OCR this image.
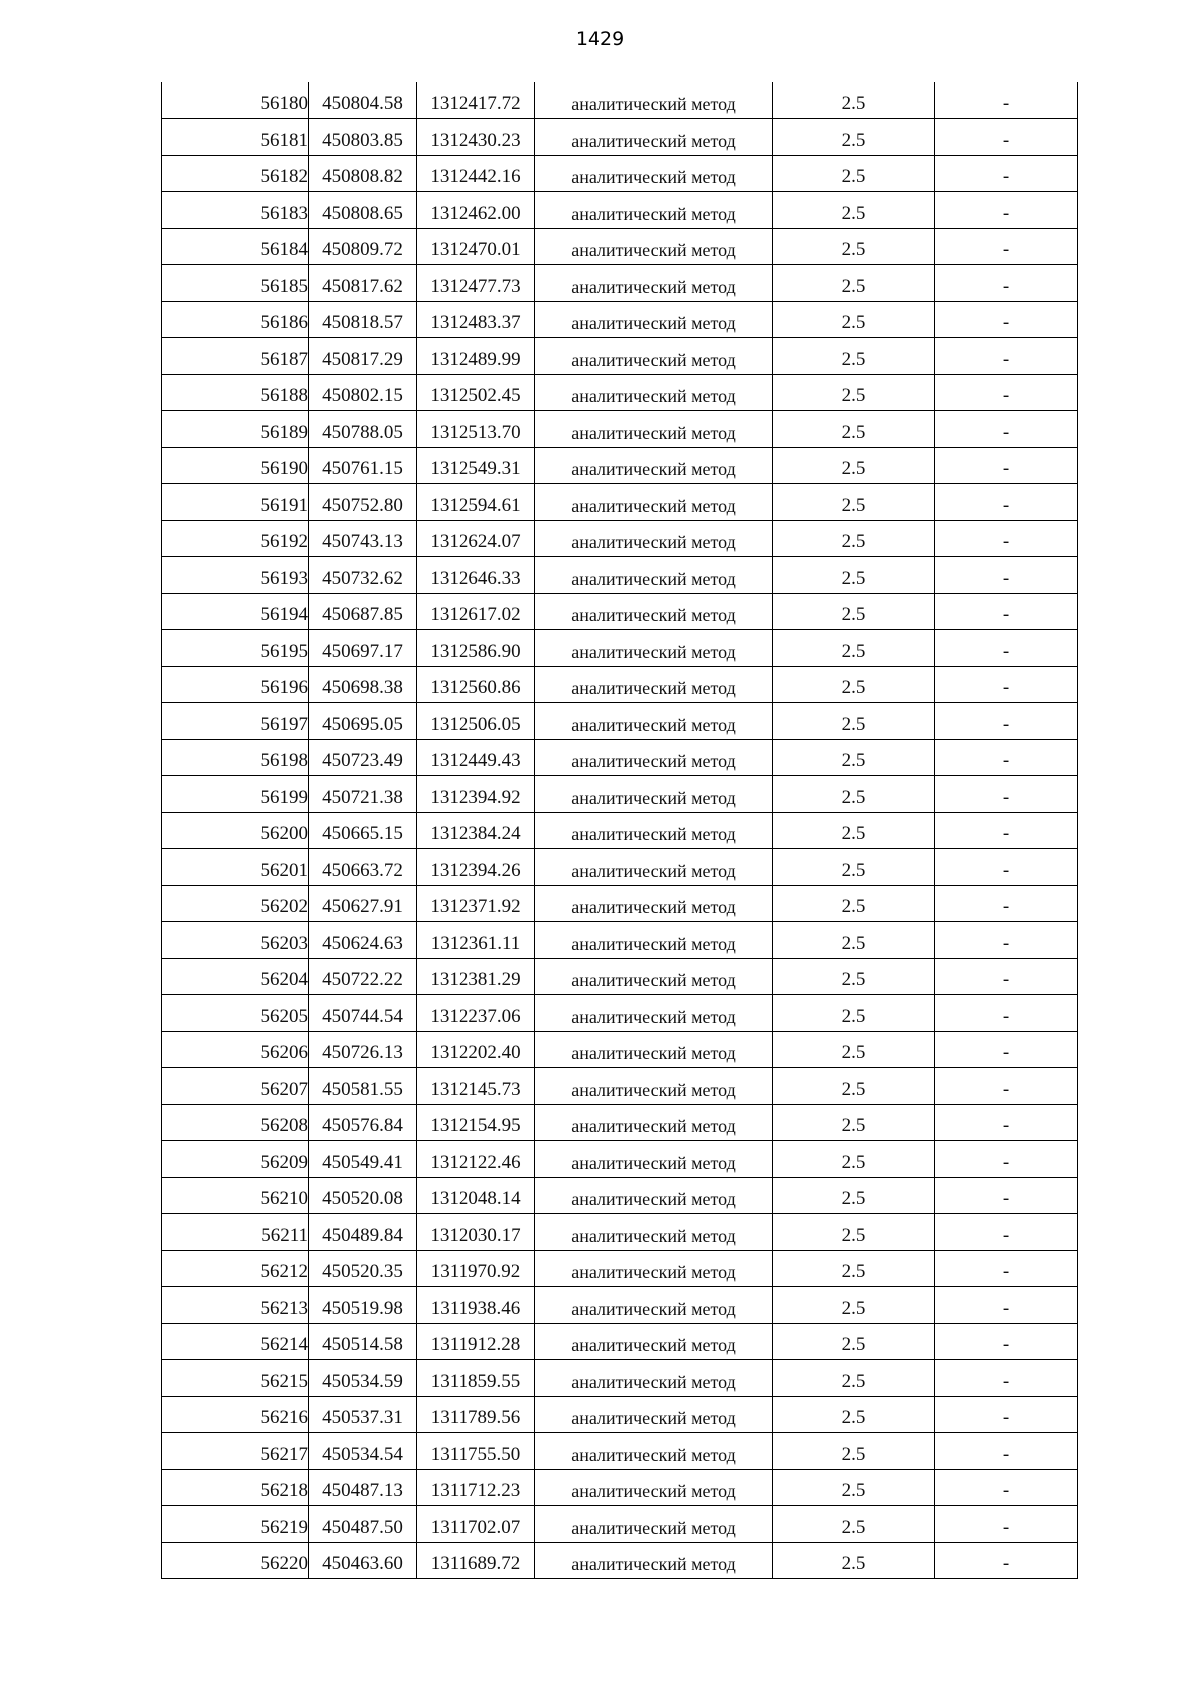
1429
56180	450804.58	1312417.72	аналитический метод	2.5	-
56181	450803.85	1312430.23	аналитический метод	2.5	-
56182	450808.82	1312442.16	аналитический метод	2.5	-
56183	450808.65	1312462.00	аналитический метод	2.5	-
56184	450809.72	1312470.01	аналитический метод	2.5	-
56185	450817.62	1312477.73	аналитический метод	2.5	-
56186	450818.57	1312483.37	аналитический метод	2.5	-
56187	450817.29	1312489.99	аналитический метод	2.5	-
56188	450802.15	1312502.45	аналитический метод	2.5	-
56189	450788.05	1312513.70	аналитический метод	2.5	-
56190	450761.15	1312549.31	аналитический метод	2.5	-
56191	450752.80	1312594.61	аналитический метод	2.5	-
56192	450743.13	1312624.07	аналитический метод	2.5	-
56193	450732.62	1312646.33	аналитический метод	2.5	-
56194	450687.85	1312617.02	аналитический метод	2.5	-
56195	450697.17	1312586.90	аналитический метод	2.5	-
56196	450698.38	1312560.86	аналитический метод	2.5	-
56197	450695.05	1312506.05	аналитический метод	2.5	-
56198	450723.49	1312449.43	аналитический метод	2.5	-
56199	450721.38	1312394.92	аналитический метод	2.5	-
56200	450665.15	1312384.24	аналитический метод	2.5	-
56201	450663.72	1312394.26	аналитический метод	2.5	-
56202	450627.91	1312371.92	аналитический метод	2.5	-
56203	450624.63	1312361.11	аналитический метод	2.5	-
56204	450722.22	1312381.29	аналитический метод	2.5	-
56205	450744.54	1312237.06	аналитический метод	2.5	-
56206	450726.13	1312202.40	аналитический метод	2.5	-
56207	450581.55	1312145.73	аналитический метод	2.5	-
56208	450576.84	1312154.95	аналитический метод	2.5	-
56209	450549.41	1312122.46	аналитический метод	2.5	-
56210	450520.08	1312048.14	аналитический метод	2.5	-
56211	450489.84	1312030.17	аналитический метод	2.5	-
56212	450520.35	1311970.92	аналитический метод	2.5	-
56213	450519.98	1311938.46	аналитический метод	2.5	-
56214	450514.58	1311912.28	аналитический метод	2.5	-
56215	450534.59	1311859.55	аналитический метод	2.5	-
56216	450537.31	1311789.56	аналитический метод	2.5	-
56217	450534.54	1311755.50	аналитический метод	2.5	-
56218	450487.13	1311712.23	аналитический метод	2.5	-
56219	450487.50	1311702.07	аналитический метод	2.5	-
56220	450463.60	1311689.72	аналитический метод	2.5	-
